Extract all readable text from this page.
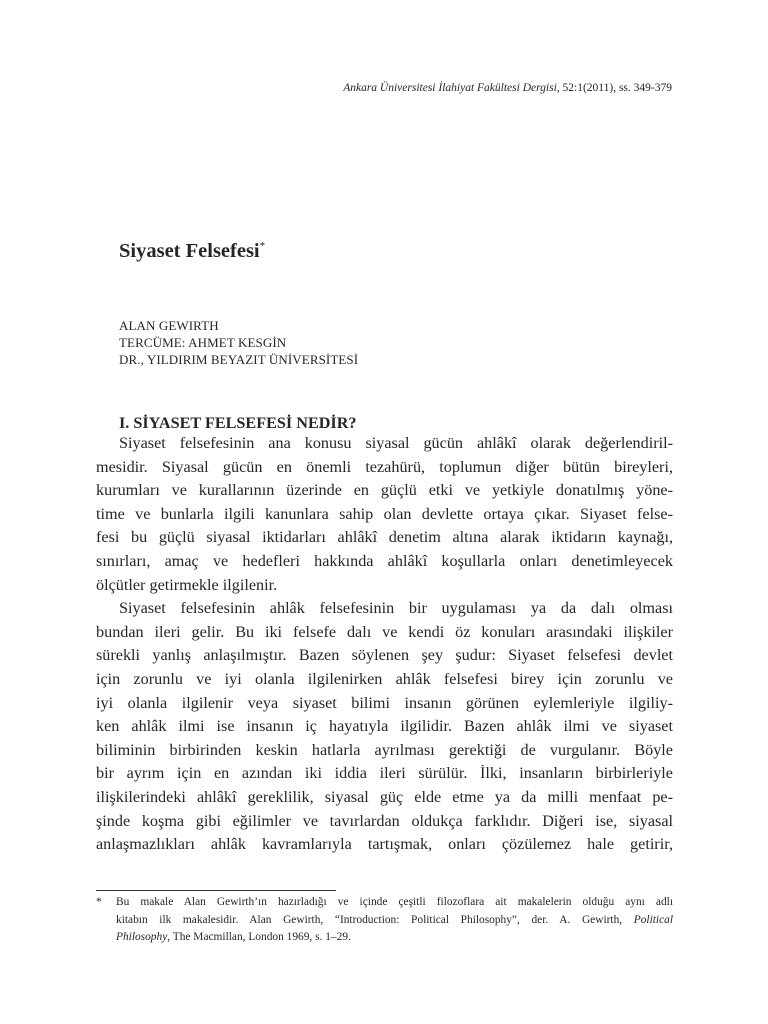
Ankara Üniversitesi İlahiyat Fakültesi Dergisi, 52:1(2011), ss. 349-379
Siyaset Felsefesi*
ALAN GEWIRTH
TERCÜME: AHMET KESGİN
DR., YILDIRIM BEYAZIT ÜNİVERSİTESİ
I. SİYASET FELSEFESİ NEDİR?
Siyaset felsefesinin ana konusu siyasal gücün ahlâkî olarak değerlendiril-
mesidir. Siyasal gücün en önemli tezahürü, toplumun diğer bütün bireyleri,
kurumları ve kurallarının üzerinde en güçlü etki ve yetkiyle donatılmış yöne-
time ve bunlarla ilgili kanunlara sahip olan devlette ortaya çıkar. Siyaset felse-
fesi bu güçlü siyasal iktidarları ahlâkî denetim altına alarak iktidarın kaynağı,
sınırları, amaç ve hedefleri hakkında ahlâkî koşullarla onları denetimleyecek
ölçütler getirmekle ilgilenir.
Siyaset felsefesinin ahlâk felsefesinin bir uygulaması ya da dalı olması
bundan ileri gelir. Bu iki felsefe dalı ve kendi öz konuları arasındaki ilişkiler
sürekli yanlış anlaşılmıştır. Bazen söylenen şey şudur: Siyaset felsefesi devlet
için zorunlu ve iyi olanla ilgilenirken ahlâk felsefesi birey için zorunlu ve
iyi olanla ilgilenir veya siyaset bilimi insanın görünen eylemleriyle ilgiliy-
ken ahlâk ilmi ise insanın iç hayatıyla ilgilidir. Bazen ahlâk ilmi ve siyaset
biliminin birbirinden keskin hatlarla ayrılması gerektiği de vurgulanır. Böyle
bir ayrım için en azından iki iddia ileri sürülür. İlki, insanların birbirleriyle
ilişkilerindeki ahlâkî gereklilik, siyasal güç elde etme ya da milli menfaat pe-
şinde koşma gibi eğilimler ve tavırlardan oldukça farklıdır. Diğeri ise, siyasal
anlaşmazlıkları ahlâk kavramlarıyla tartışmak, onları çözülemez hale getirir,
* Bu makale Alan Gewirth’ın hazırladığı ve içinde çeşitli filozoflara ait makalelerin olduğu aynı adlı
kitabın ilk makalesidir. Alan Gewirth, “Introduction: Political Philosophy”, der. A. Gewirth, Political
Philosophy, The Macmillan, London 1969, s. 1–29.
